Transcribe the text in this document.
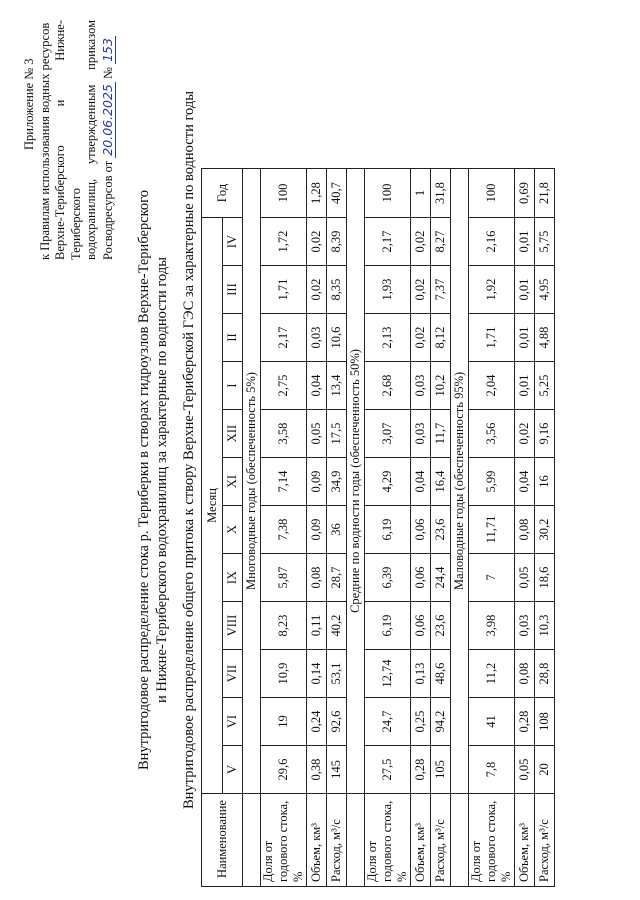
Приложение № 3 к Правилам использования водных ресурсов Верхне-Териберского и Нижне-Териберского водохранилищ,
утвержденным
приказом
Росводресурсов от 20.06.2025 № 153
Внутригодовое распределение стока р. Териберки в створах гидроузлов Верхне-Териберского и Нижне-Териберского водохранилищ за характерные по водности годы Внутригодовое распределение общего притока к створу Верхне-Териберской ГЭС за характерные по водности годы
Наименование	Месяц												Год
	V	VI	VII	VIII	IX	X	XI	XII	I	II	III	IV	
	Многоводные годы (обеспеченность 5%)												
Доля от годового стока, %	29,6	19	10,9	8,23	5,87	7,38	7,14	3,58	2,75	2,17	1,71	1,72	100
Объем, км³	0,38	0,24	0,14	0,11	0,08	0,09	0,09	0,05	0,04	0,03	0,02	0,02	1,28
Расход, м³/с	145	92,6	53,1	40,2	28,7	36	34,9	17,5	13,4	10,6	8,35	8,39	40,7
	Средние по водности годы (обеспеченность 50%)												
Доля от годового стока, %	27,5	24,7	12,74	6,19	6,39	6,19	4,29	3,07	2,68	2,13	1,93	2,17	100
Объем, км³	0,28	0,25	0,13	0,06	0,06	0,06	0,04	0,03	0,03	0,02	0,02	0,02	1
Расход, м³/с	105	94,2	48,6	23,6	24,4	23,6	16,4	11,7	10,2	8,12	7,37	8,27	31,8
	Маловодные годы (обеспеченность 95%)												
Доля от годового стока, %	7,8	41	11,2	3,98	7	11,71	5,99	3,56	2,04	1,71	1,92	2,16	100
Объем, км³	0,05	0,28	0,08	0,03	0,05	0,08	0,04	0,02	0,01	0,01	0,01	0,01	0,69
Расход, м³/с	20	108	28,8	10,3	18,6	30,2	16	9,16	5,25	4,88	4,95	5,75	21,8
